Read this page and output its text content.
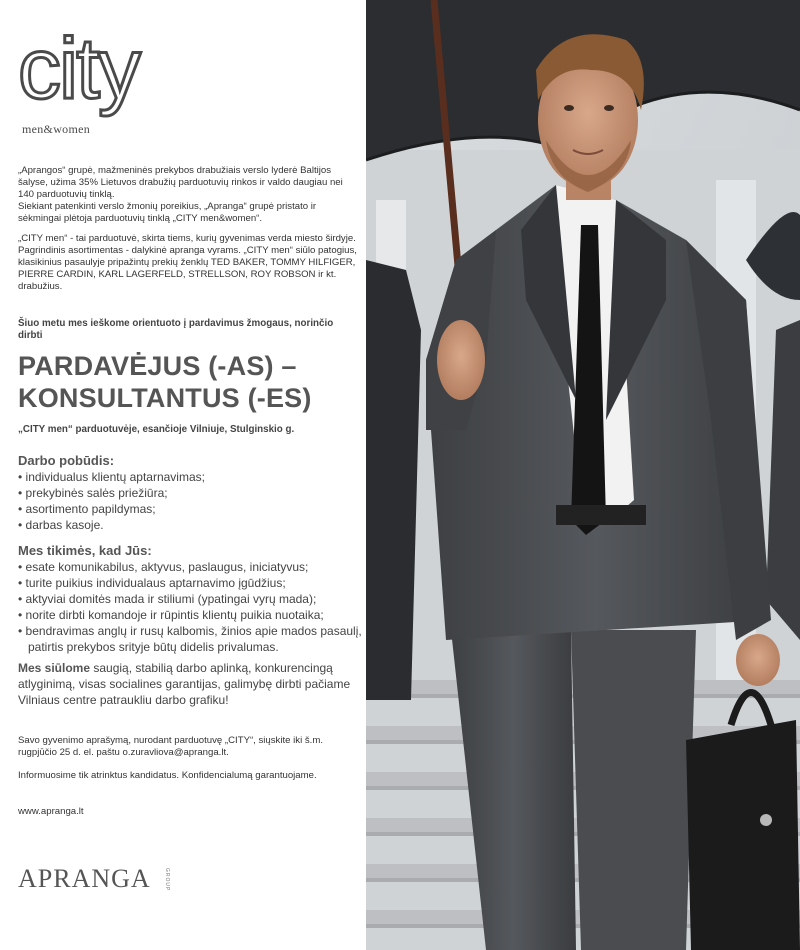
city
men&women

„Aprangos“ grupė, mažmeninės prekybos drabužiais verslo lyderė Baltijos šalyse, užima 35% Lietuvos drabužių parduotuvių rinkos ir valdo daugiau nei 140 parduotuvių tinklą.
Siekiant patenkinti verslo žmonių poreikius, „Apranga“ grupė pristato ir sėkmingai plėtoja parduotuvių tinklą „CITY men&women“.

„CITY men“ - tai parduotuvė, skirta tiems, kurių gyvenimas verda miesto širdyje. Pagrindinis asortimentas - dalykinė apranga vyrams. „CITY men“ siūlo patogius, klasikinius pasaulyje pripažintų prekių ženklų TED BAKER, TOMMY HILFIGER, PIERRE CARDIN, KARL LAGERFELD, STRELLSON, ROY ROBSON ir kt. drabužius.

Šiuo metu mes ieškome orientuoto į pardavimus žmogaus, norinčio dirbti
PARDAVĖJUS (-AS) –
KONSULTANTUS (-ES)
„CITY men“ parduotuvėje, esančioje Vilniuje, Stulginskio g.

Darbo pobūdis:

• individualus klientų aptarnavimas;
• prekybinės salės priežiūra;
• asortimento papildymas;
• darbas kasoje.

Mes tikimės, kad Jūs:

• esate komunikabilus, aktyvus, paslaugus, iniciatyvus;
• turite puikius individualaus aptarnavimo įgūdžius;
• aktyviai domitės mada ir stiliumi (ypatingai vyrų mada);
• norite dirbti komandoje ir rūpintis klientų puikia nuotaika;
• bendravimas anglų ir rusų kalbomis, žinios apie mados pasaulį, patirtis prekybos srityje būtų didelis privalumas.
Mes siūlome saugią, stabilią darbo aplinką, konkurencingą atlyginimą, visas socialines garantijas, galimybę dirbti pačiame Vilniaus centre patraukliu darbo grafiku!
Savo gyvenimo aprašymą, nurodant parduotuvę „CITY“, siųskite iki š.m. rugpjūčio 25 d. el. paštu o.zuravliova@apranga.lt.
Informuosime tik atrinktus kandidatus. Konfidencialumą garantuojame.
www.apranga.lt
APRANGA	GROUP
